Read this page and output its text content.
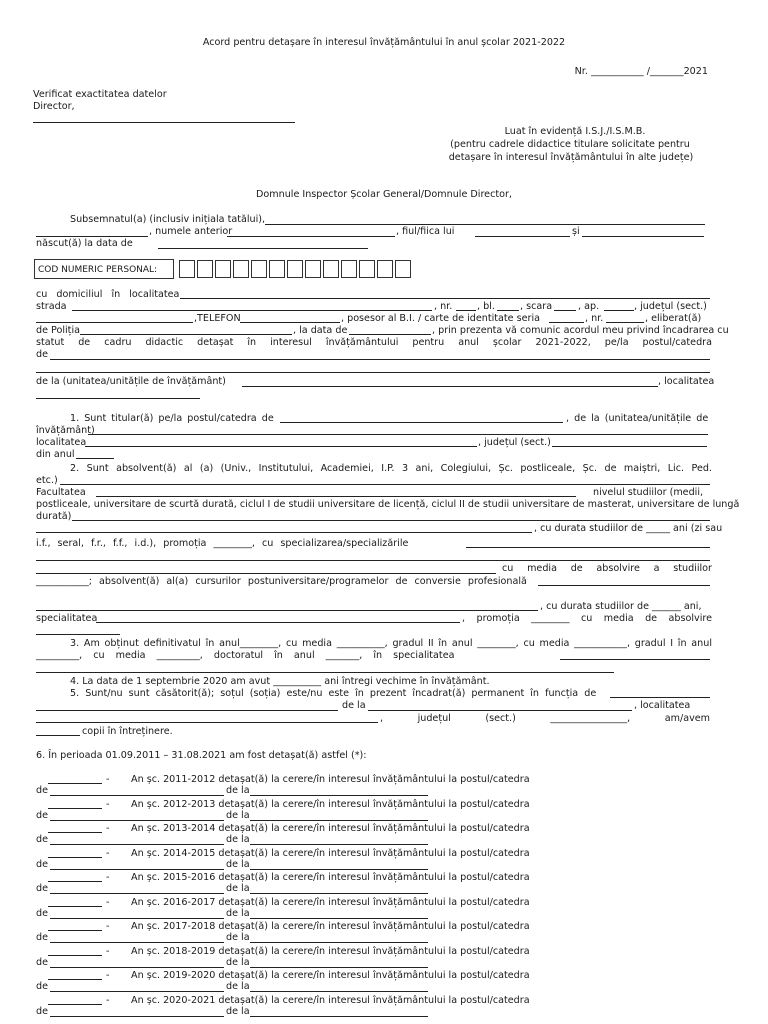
Acord pentru detașare în interesul învățământului în anul școlar 2021-2022
Nr. ___________ /_______2021
Verificat exactitatea datelor
Director,
Luat în evidență I.S.J./I.S.M.B.
(pentru cadrele didactice titulare solicitate pentru
detașare în interesul învățământului în alte județe)
Domnule Inspector Școlar General/Domnule Director,
Subsemnatul(a) (inclusiv inițiala tatălui),
, numele anterior	, fiul/fiica lui	și
născut(ă) la data de
COD NUMERIC PERSONAL:
cu domiciliul în localitatea
strada	, nr.	, bl.	, scara	, ap.	, județul (sect.)
,TELEFON	, posesor al B.I. / carte de identitate seria	, nr.	, eliberat(ă)
de Poliția	, la data de	, prin prezenta vă comunic acordul meu privind încadrarea cu
statut de cadru didactic detașat în interesul învățământului pentru anul școlar 2021-2022, pe/la postul/catedra
de
de la (unitatea/unitățile de învățământ)	, localitatea
1. Sunt titular(ă) pe/la postul/catedra de	, de la (unitatea/unitățile de
învățământ)
localitatea	, județul (sect.)
din anul
2. Sunt absolvent(ă) al (a) (Univ., Institutului, Academiei, I.P. 3 ani, Colegiului, Șc. postliceale, Șc. de maiștri, Lic. Ped.
etc.)
Facultatea	nivelul studiilor (medii,
postliceale, universitare de scurtă durată, ciclul I de studii universitare de licență, ciclul II de studii universitare de masterat, universitare de lungă
durată)
, cu durata studiilor de _____ ani (zi sau
i.f., seral, f.r., f.f., i.d.), promoția ________, cu specializarea/specializările
cu media de absolvire a studiilor
___________; absolvent(ă) al(a) cursurilor postuniversitare/programelor de conversie profesională
, cu durata studiilor de ______ ani,
specialitatea	, promoția ________ cu media de absolvire
3. Am obținut definitivatul în anul________, cu media __________, gradul II în anul ________, cu media ___________, gradul I în anul
_________, cu media _________, doctoratul în anul _______, în specialitatea
4. La data de 1 septembrie 2020 am avut __________ ani întregi vechime în învățământ.
5. Sunt/nu sunt căsătorit(ă); soțul (soția) este/nu este în prezent încadrat(ă) permanent în funcția de
de la	, localitatea
, județul (sect.) ________________, am/avem
copii în întreținere.
6. În perioada 01.09.2011 – 31.08.2021 am fost detașat(ă) astfel (*):
- An șc. 2011-2012 detașat(ă) la cerere/în interesul învățământului la postul/catedra
de	de la
- An șc. 2012-2013 detașat(ă) la cerere/în interesul învățământului la postul/catedra
de	de la
- An șc. 2013-2014 detașat(ă) la cerere/în interesul învățământului la postul/catedra
de	de la
- An șc. 2014-2015 detașat(ă) la cerere/în interesul învățământului la postul/catedra
de	de la
- An șc. 2015-2016 detașat(ă) la cerere/în interesul învățământului la postul/catedra
de	de la
- An șc. 2016-2017 detașat(ă) la cerere/în interesul învățământului la postul/catedra
de	de la
- An șc. 2017-2018 detașat(ă) la cerere/în interesul învățământului la postul/catedra
de	de la
- An șc. 2018-2019 detașat(ă) la cerere/în interesul învățământului la postul/catedra
de	de la
- An șc. 2019-2020 detașat(ă) la cerere/în interesul învățământului la postul/catedra
de	de la
- An șc. 2020-2021 detașat(ă) la cerere/în interesul învățământului la postul/catedra
de	de la
